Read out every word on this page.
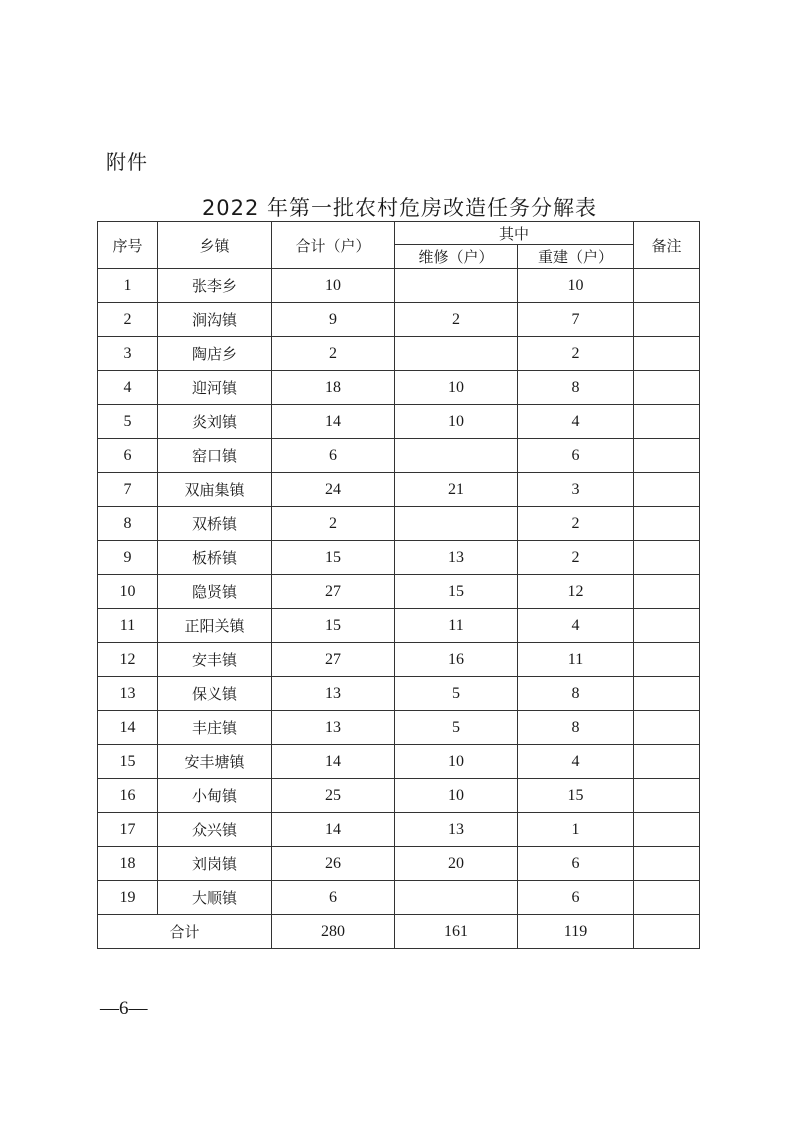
附件
2022 年第一批农村危房改造任务分解表
序号	乡镇	合计（户）	其中		备注
			维修（户）	重建（户）	
1	张李乡	10		10	
2	涧沟镇	9	2	7	
3	陶店乡	2		2	
4	迎河镇	18	10	8	
5	炎刘镇	14	10	4	
6	窑口镇	6		6	
7	双庙集镇	24	21	3	
8	双桥镇	2		2	
9	板桥镇	15	13	2	
10	隐贤镇	27	15	12	
11	正阳关镇	15	11	4	
12	安丰镇	27	16	11	
13	保义镇	13	5	8	
14	丰庄镇	13	5	8	
15	安丰塘镇	14	10	4	
16	小甸镇	25	10	15	
17	众兴镇	14	13	1	
18	刘岗镇	26	20	6	
19	大顺镇	6		6	
合计		280	161	119	
—6—
